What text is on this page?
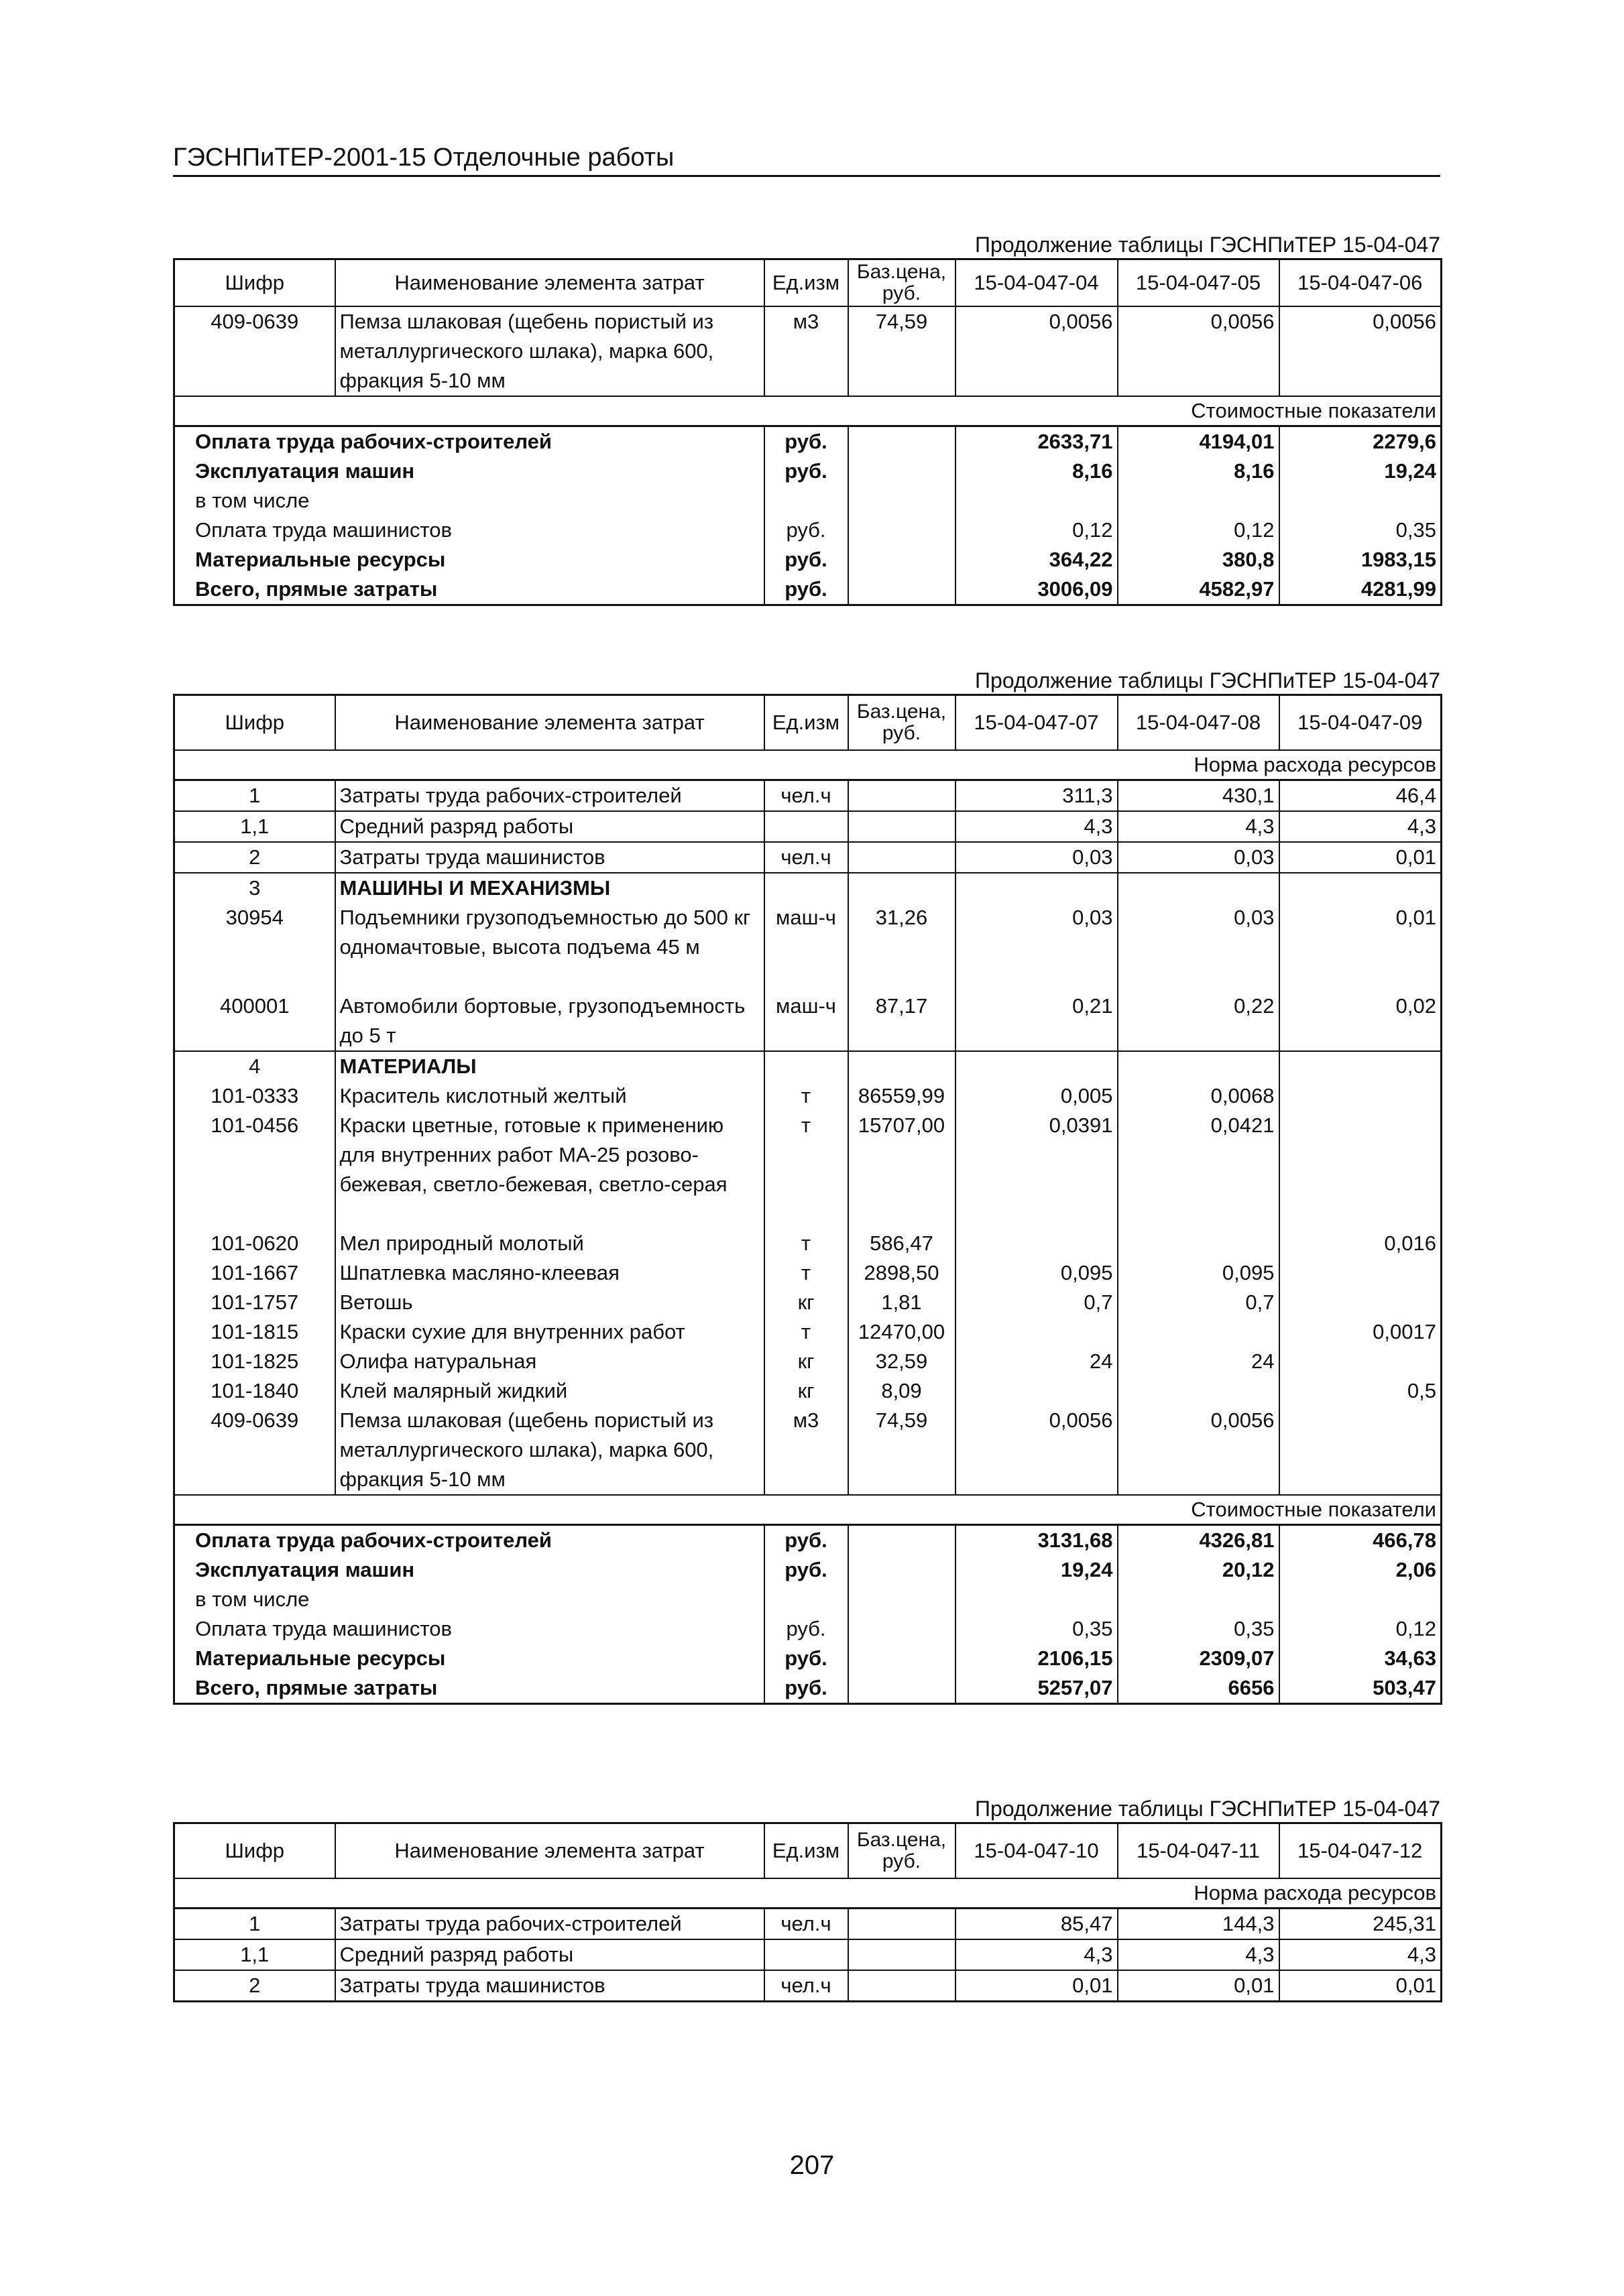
ГЭСНПиТЕР-2001-15 Отделочные работы
Продолжение таблицы ГЭСНПиТЕР 15-04-047
Шифр	Наименование элемента затрат	Ед.изм	Баз.цена, руб.	15-04-047-04	15-04-047-05	15-04-047-06
409-0639	Пемза шлаковая (щебень пористый из металлургического шлака), марка 600, фракция 5-10 мм	м3	74,59	0,0056	0,0056	0,0056
Стоимостные показатели						
Оплата труда рабочих-строителей		руб.		2633,71	4194,01	2279,6
Эксплуатация машин		руб.		8,16	8,16	19,24
в том числе						
Оплата труда машинистов		руб.		0,12	0,12	0,35
Материальные ресурсы		руб.		364,22	380,8	1983,15
Всего, прямые затраты		руб.		3006,09	4582,97	4281,99
Продолжение таблицы ГЭСНПиТЕР 15-04-047
Шифр	Наименование элемента затрат	Ед.изм	Баз.цена, руб.	15-04-047-07	15-04-047-08	15-04-047-09
Норма расхода ресурсов						
1	Затраты труда рабочих-строителей	чел.ч		311,3	430,1	46,4
1,1	Средний разряд работы			4,3	4,3	4,3
2	Затраты труда машинистов	чел.ч		0,03	0,03	0,01
3	МАШИНЫ И МЕХАНИЗМЫ					
30954	Подъемники грузоподъемностью до 500 кг одномачтовые, высота подъема 45 м	маш-ч	31,26	0,03	0,03	0,01
400001	Автомобили бортовые, грузоподъемность до 5 т	маш-ч	87,17	0,21	0,22	0,02
4	МАТЕРИАЛЫ					
101-0333	Краситель кислотный желтый	т	86559,99	0,005	0,0068	
101-0456	Краски цветные, готовые к применению для внутренних работ МА-25 розово-бежевая, светло-бежевая, светло-серая	т	15707,00	0,0391	0,0421	
101-0620	Мел природный молотый	т	586,47			0,016
101-1667	Шпатлевка масляно-клеевая	т	2898,50	0,095	0,095	
101-1757	Ветошь	кг	1,81	0,7	0,7	
101-1815	Краски сухие для внутренних работ	т	12470,00			0,0017
101-1825	Олифа натуральная	кг	32,59	24	24	
101-1840	Клей малярный жидкий	кг	8,09			0,5
409-0639	Пемза шлаковая (щебень пористый из металлургического шлака), марка 600, фракция 5-10 мм	м3	74,59	0,0056	0,0056	
Стоимостные показатели						
Оплата труда рабочих-строителей		руб.		3131,68	4326,81	466,78
Эксплуатация машин		руб.		19,24	20,12	2,06
в том числе						
Оплата труда машинистов		руб.		0,35	0,35	0,12
Материальные ресурсы		руб.		2106,15	2309,07	34,63
Всего, прямые затраты		руб.		5257,07	6656	503,47
Продолжение таблицы ГЭСНПиТЕР 15-04-047
Шифр	Наименование элемента затрат	Ед.изм	Баз.цена, руб.	15-04-047-10	15-04-047-11	15-04-047-12
Норма расхода ресурсов						
1	Затраты труда рабочих-строителей	чел.ч		85,47	144,3	245,31
1,1	Средний разряд работы			4,3	4,3	4,3
2	Затраты труда машинистов	чел.ч		0,01	0,01	0,01
207
